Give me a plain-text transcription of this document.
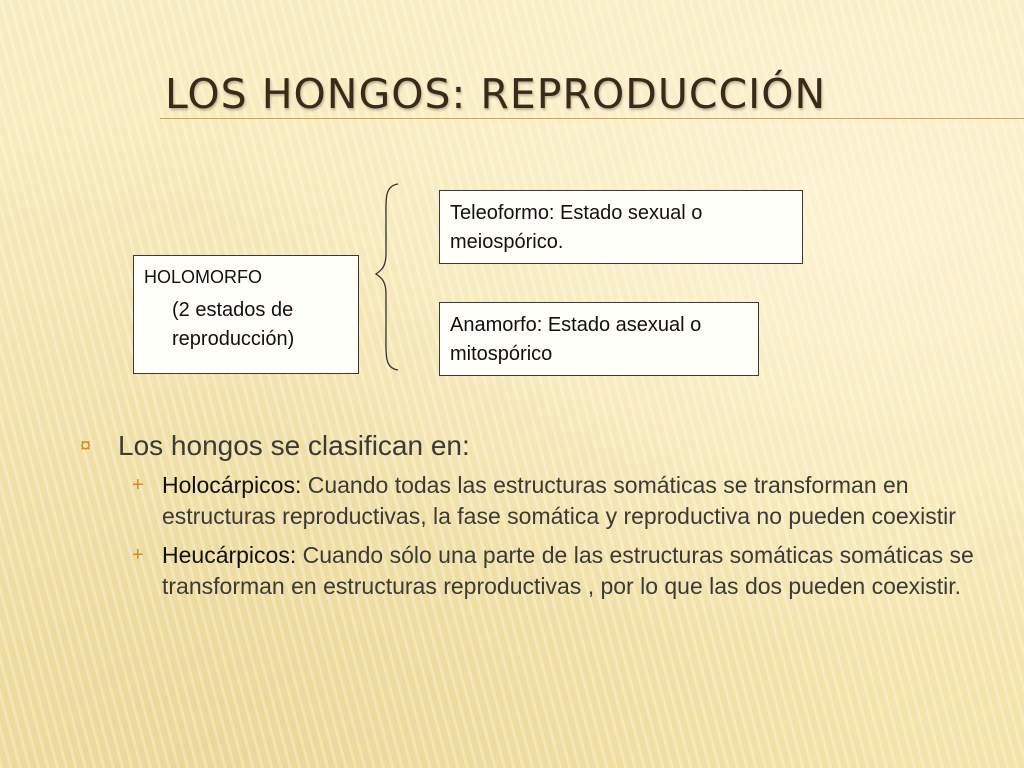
LOS HONGOS: REPRODUCCIÓN
HOLOMORFO
(2 estados de reproducción)
Teleoformo: Estado sexual o meiospórico.
Anamorfo: Estado asexual o mitospórico
¤ Los hongos se clasifican en:
+ Holocárpicos: Cuando todas las estructuras somáticas se transforman en estructuras reproductivas, la fase somática y reproductiva no pueden coexistir
+ Heucárpicos: Cuando sólo una parte de las estructuras somáticas somáticas se transforman en estructuras reproductivas , por lo que las dos pueden coexistir.
